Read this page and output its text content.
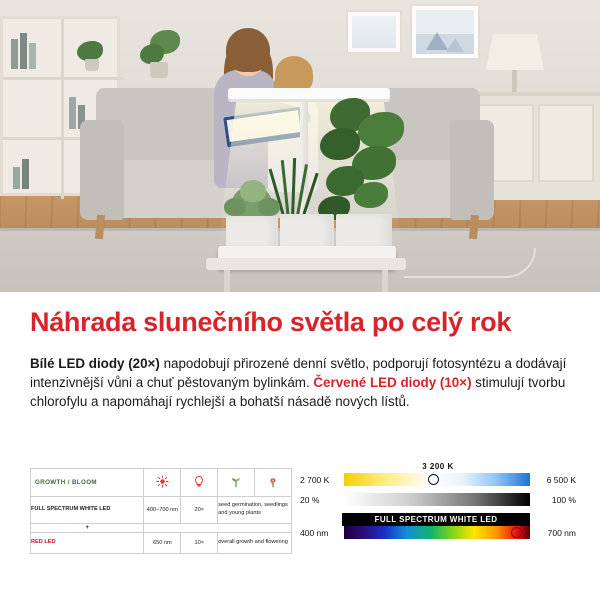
Náhrada slunečního světla po celý rok
Bílé LED diody (20×) napodobují přirozené denní světlo, podporují fotosyntézu a dodávají intenzivnější vůni a chuť pěstovaným bylinkám. Červené LED diody (10×) stimulují tvorbu chlorofylu a napomáhají rychlejší a bohatší násadě nových lístů.
GROWTH / BLOOM				
FULL SPECTRUM WHITE LED	400–700 nm	20×	seed germination, seedlings and young plants	
+				
RED LED	650 nm	10×	overall growth and flowering	
3 200 K
2 700 K	6 500 K
20 %	100 %
FULL SPECTRUM WHITE LED
400 nm	700 nm
